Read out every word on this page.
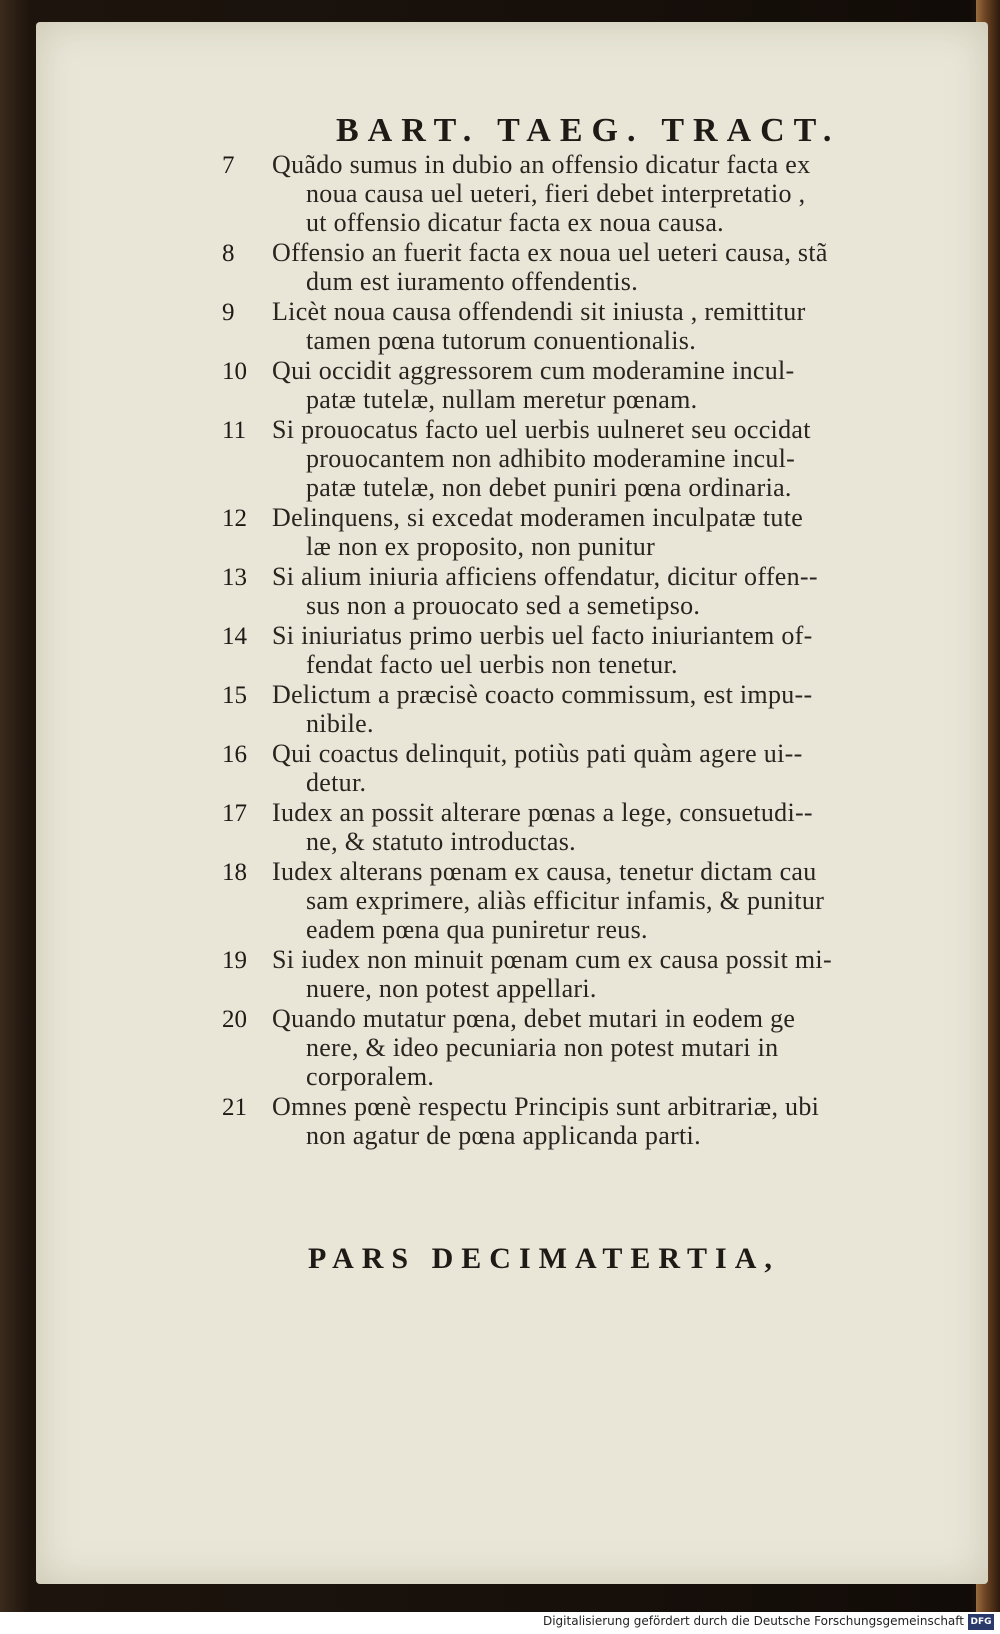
BART. TAEG. TRACT.
7	Quãdo sumus in dubio an offensio dicatur facta ex
noua causa uel ueteri, fieri debet interpretatio ,
ut offensio dicatur facta ex noua causa.
8	Offensio an fuerit facta ex noua uel ueteri causa, stã
dum est iuramento offendentis.
9	Licèt noua causa offendendi sit iniusta , remittitur
tamen pœna tutorum conuentionalis.
10 Qui occidit aggressorem cum moderamine incul-
patæ tutelæ, nullam meretur pœnam.
11 Si prouocatus facto uel uerbis uulneret seu occidat
prouocantem non adhibito moderamine incul-
patæ tutelæ, non debet puniri pœna ordinaria.
12 Delinquens, si excedat moderamen inculpatæ tute
læ non ex proposito, non punitur
13 Si alium iniuria afficiens offendatur, dicitur offen--
sus non a prouocato sed a semetipso.
14 Si iniuriatus primo uerbis uel facto iniuriantem of-
fendat facto uel uerbis non tenetur.
15 Delictum a præcisè coacto commissum, est impu--
nibile.
16 Qui coactus delinquit, potiùs pati quàm agere ui--
detur.
17 Iudex an possit alterare pœnas a lege, consuetudi--
ne, & statuto introductas.
18 Iudex alterans pœnam ex causa, tenetur dictam cau
sam exprimere, aliàs efficitur infamis, & punitur
eadem pœna qua puniretur reus.
19 Si iudex non minuit pœnam cum ex causa possit mi-
nuere, non potest appellari.
20 Quando mutatur pœna, debet mutari in eodem ge
nere, & ideo pecuniaria non potest mutari in
corporalem.
21 Omnes pœnè respectu Principis sunt arbitrariæ, ubi
non agatur de pœna applicanda parti.
PARS DECIMATERTIA,
Digitalisierung gefördert durch die Deutsche Forschungsgemeinschaft DFG
